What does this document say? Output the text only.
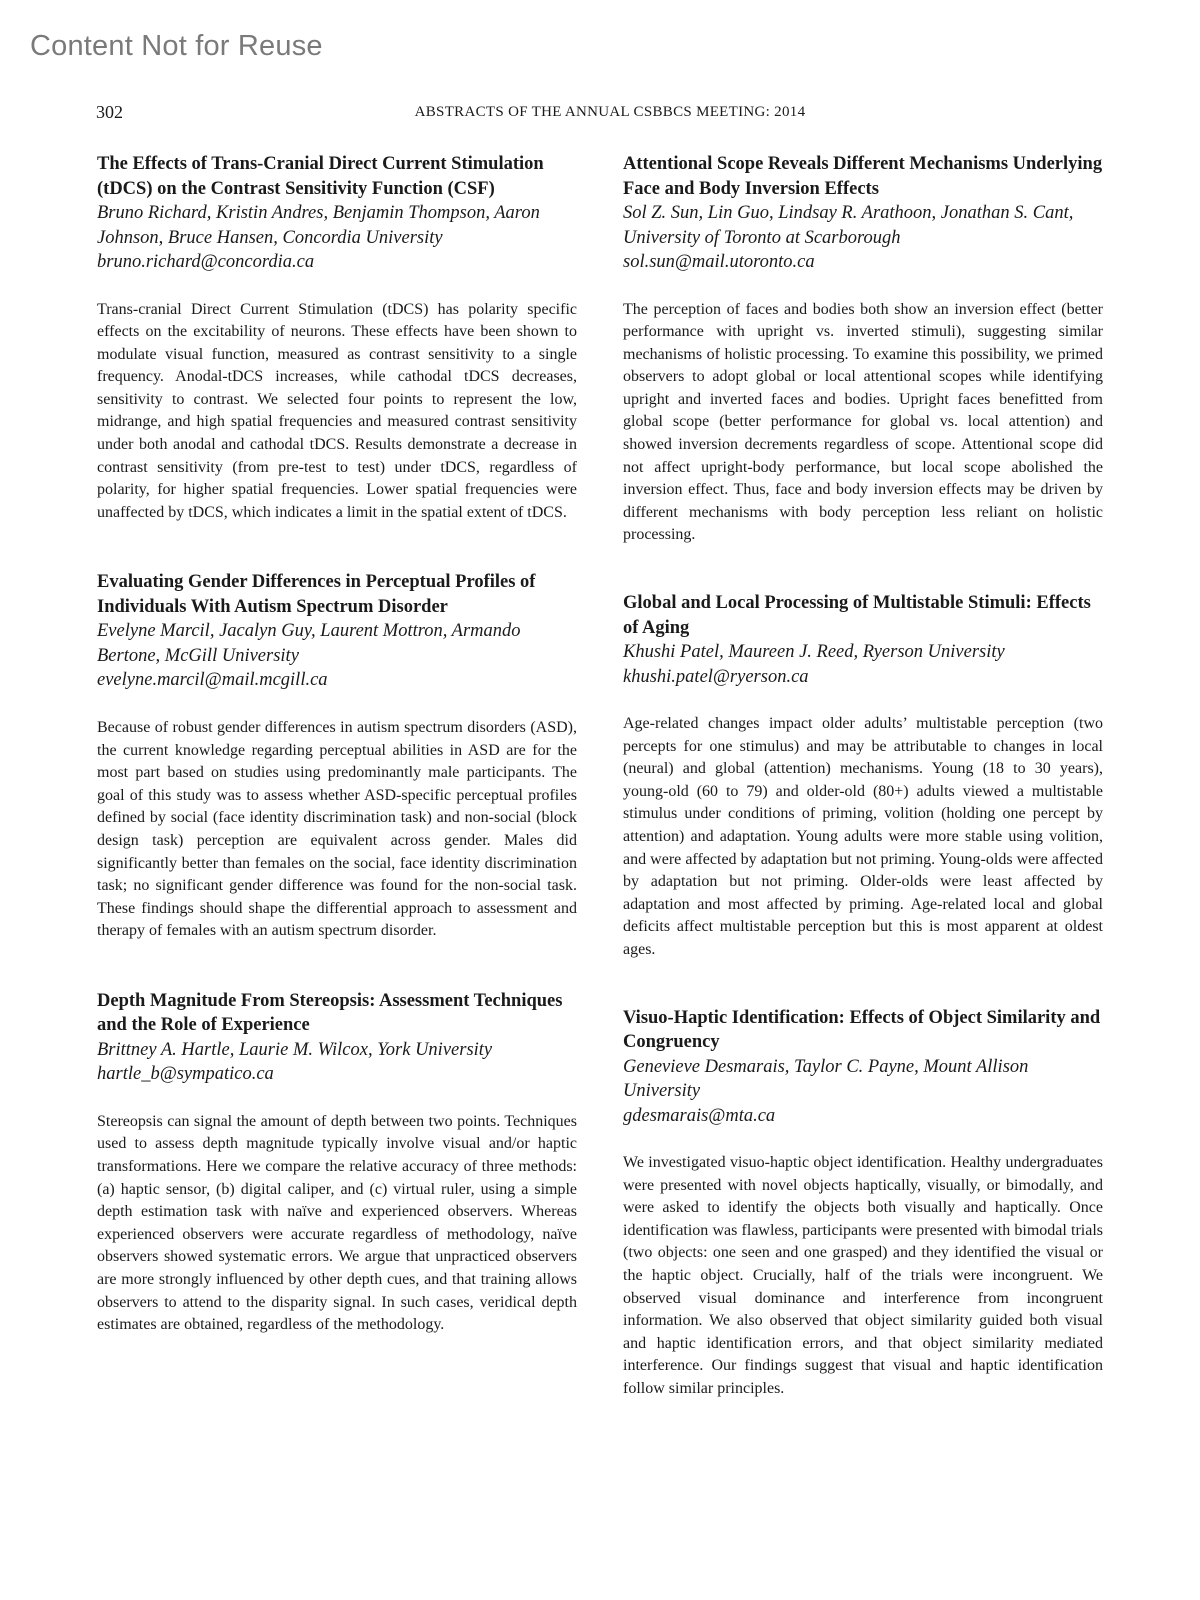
Content Not for Reuse
302	ABSTRACTS OF THE ANNUAL CSBBCS MEETING: 2014
The Effects of Trans-Cranial Direct Current Stimulation (tDCS) on the Contrast Sensitivity Function (CSF)
Bruno Richard, Kristin Andres, Benjamin Thompson, Aaron Johnson, Bruce Hansen, Concordia University
bruno.richard@concordia.ca
Trans-cranial Direct Current Stimulation (tDCS) has polarity specific effects on the excitability of neurons. These effects have been shown to modulate visual function, measured as contrast sensitivity to a single frequency. Anodal-tDCS increases, while cathodal tDCS decreases, sensitivity to contrast. We selected four points to represent the low, midrange, and high spatial frequencies and measured contrast sensitivity under both anodal and cathodal tDCS. Results demonstrate a decrease in contrast sensitivity (from pre-test to test) under tDCS, regardless of polarity, for higher spatial frequencies. Lower spatial frequencies were unaffected by tDCS, which indicates a limit in the spatial extent of tDCS.
Evaluating Gender Differences in Perceptual Profiles of Individuals With Autism Spectrum Disorder
Evelyne Marcil, Jacalyn Guy, Laurent Mottron, Armando Bertone, McGill University
evelyne.marcil@mail.mcgill.ca
Because of robust gender differences in autism spectrum disorders (ASD), the current knowledge regarding perceptual abilities in ASD are for the most part based on studies using predominantly male participants. The goal of this study was to assess whether ASD-specific perceptual profiles defined by social (face identity discrimination task) and non-social (block design task) perception are equivalent across gender. Males did significantly better than females on the social, face identity discrimination task; no significant gender difference was found for the non-social task. These findings should shape the differential approach to assessment and therapy of females with an autism spectrum disorder.
Depth Magnitude From Stereopsis: Assessment Techniques and the Role of Experience
Brittney A. Hartle, Laurie M. Wilcox, York University
hartle_b@sympatico.ca
Stereopsis can signal the amount of depth between two points. Techniques used to assess depth magnitude typically involve visual and/or haptic transformations. Here we compare the relative accuracy of three methods: (a) haptic sensor, (b) digital caliper, and (c) virtual ruler, using a simple depth estimation task with naïve and experienced observers. Whereas experienced observers were accurate regardless of methodology, naïve observers showed systematic errors. We argue that unpracticed observers are more strongly influenced by other depth cues, and that training allows observers to attend to the disparity signal. In such cases, veridical depth estimates are obtained, regardless of the methodology.
Attentional Scope Reveals Different Mechanisms Underlying Face and Body Inversion Effects
Sol Z. Sun, Lin Guo, Lindsay R. Arathoon, Jonathan S. Cant, University of Toronto at Scarborough
sol.sun@mail.utoronto.ca
The perception of faces and bodies both show an inversion effect (better performance with upright vs. inverted stimuli), suggesting similar mechanisms of holistic processing. To examine this possibility, we primed observers to adopt global or local attentional scopes while identifying upright and inverted faces and bodies. Upright faces benefitted from global scope (better performance for global vs. local attention) and showed inversion decrements regardless of scope. Attentional scope did not affect upright-body performance, but local scope abolished the inversion effect. Thus, face and body inversion effects may be driven by different mechanisms with body perception less reliant on holistic processing.
Global and Local Processing of Multistable Stimuli: Effects of Aging
Khushi Patel, Maureen J. Reed, Ryerson University
khushi.patel@ryerson.ca
Age-related changes impact older adults’ multistable perception (two percepts for one stimulus) and may be attributable to changes in local (neural) and global (attention) mechanisms. Young (18 to 30 years), young-old (60 to 79) and older-old (80+) adults viewed a multistable stimulus under conditions of priming, volition (holding one percept by attention) and adaptation. Young adults were more stable using volition, and were affected by adaptation but not priming. Young-olds were affected by adaptation but not priming. Older-olds were least affected by adaptation and most affected by priming. Age-related local and global deficits affect multistable perception but this is most apparent at oldest ages.
Visuo-Haptic Identification: Effects of Object Similarity and Congruency
Genevieve Desmarais, Taylor C. Payne, Mount Allison University
gdesmarais@mta.ca
We investigated visuo-haptic object identification. Healthy undergraduates were presented with novel objects haptically, visually, or bimodally, and were asked to identify the objects both visually and haptically. Once identification was flawless, participants were presented with bimodal trials (two objects: one seen and one grasped) and they identified the visual or the haptic object. Crucially, half of the trials were incongruent. We observed visual dominance and interference from incongruent information. We also observed that object similarity guided both visual and haptic identification errors, and that object similarity mediated interference. Our findings suggest that visual and haptic identification follow similar principles.
